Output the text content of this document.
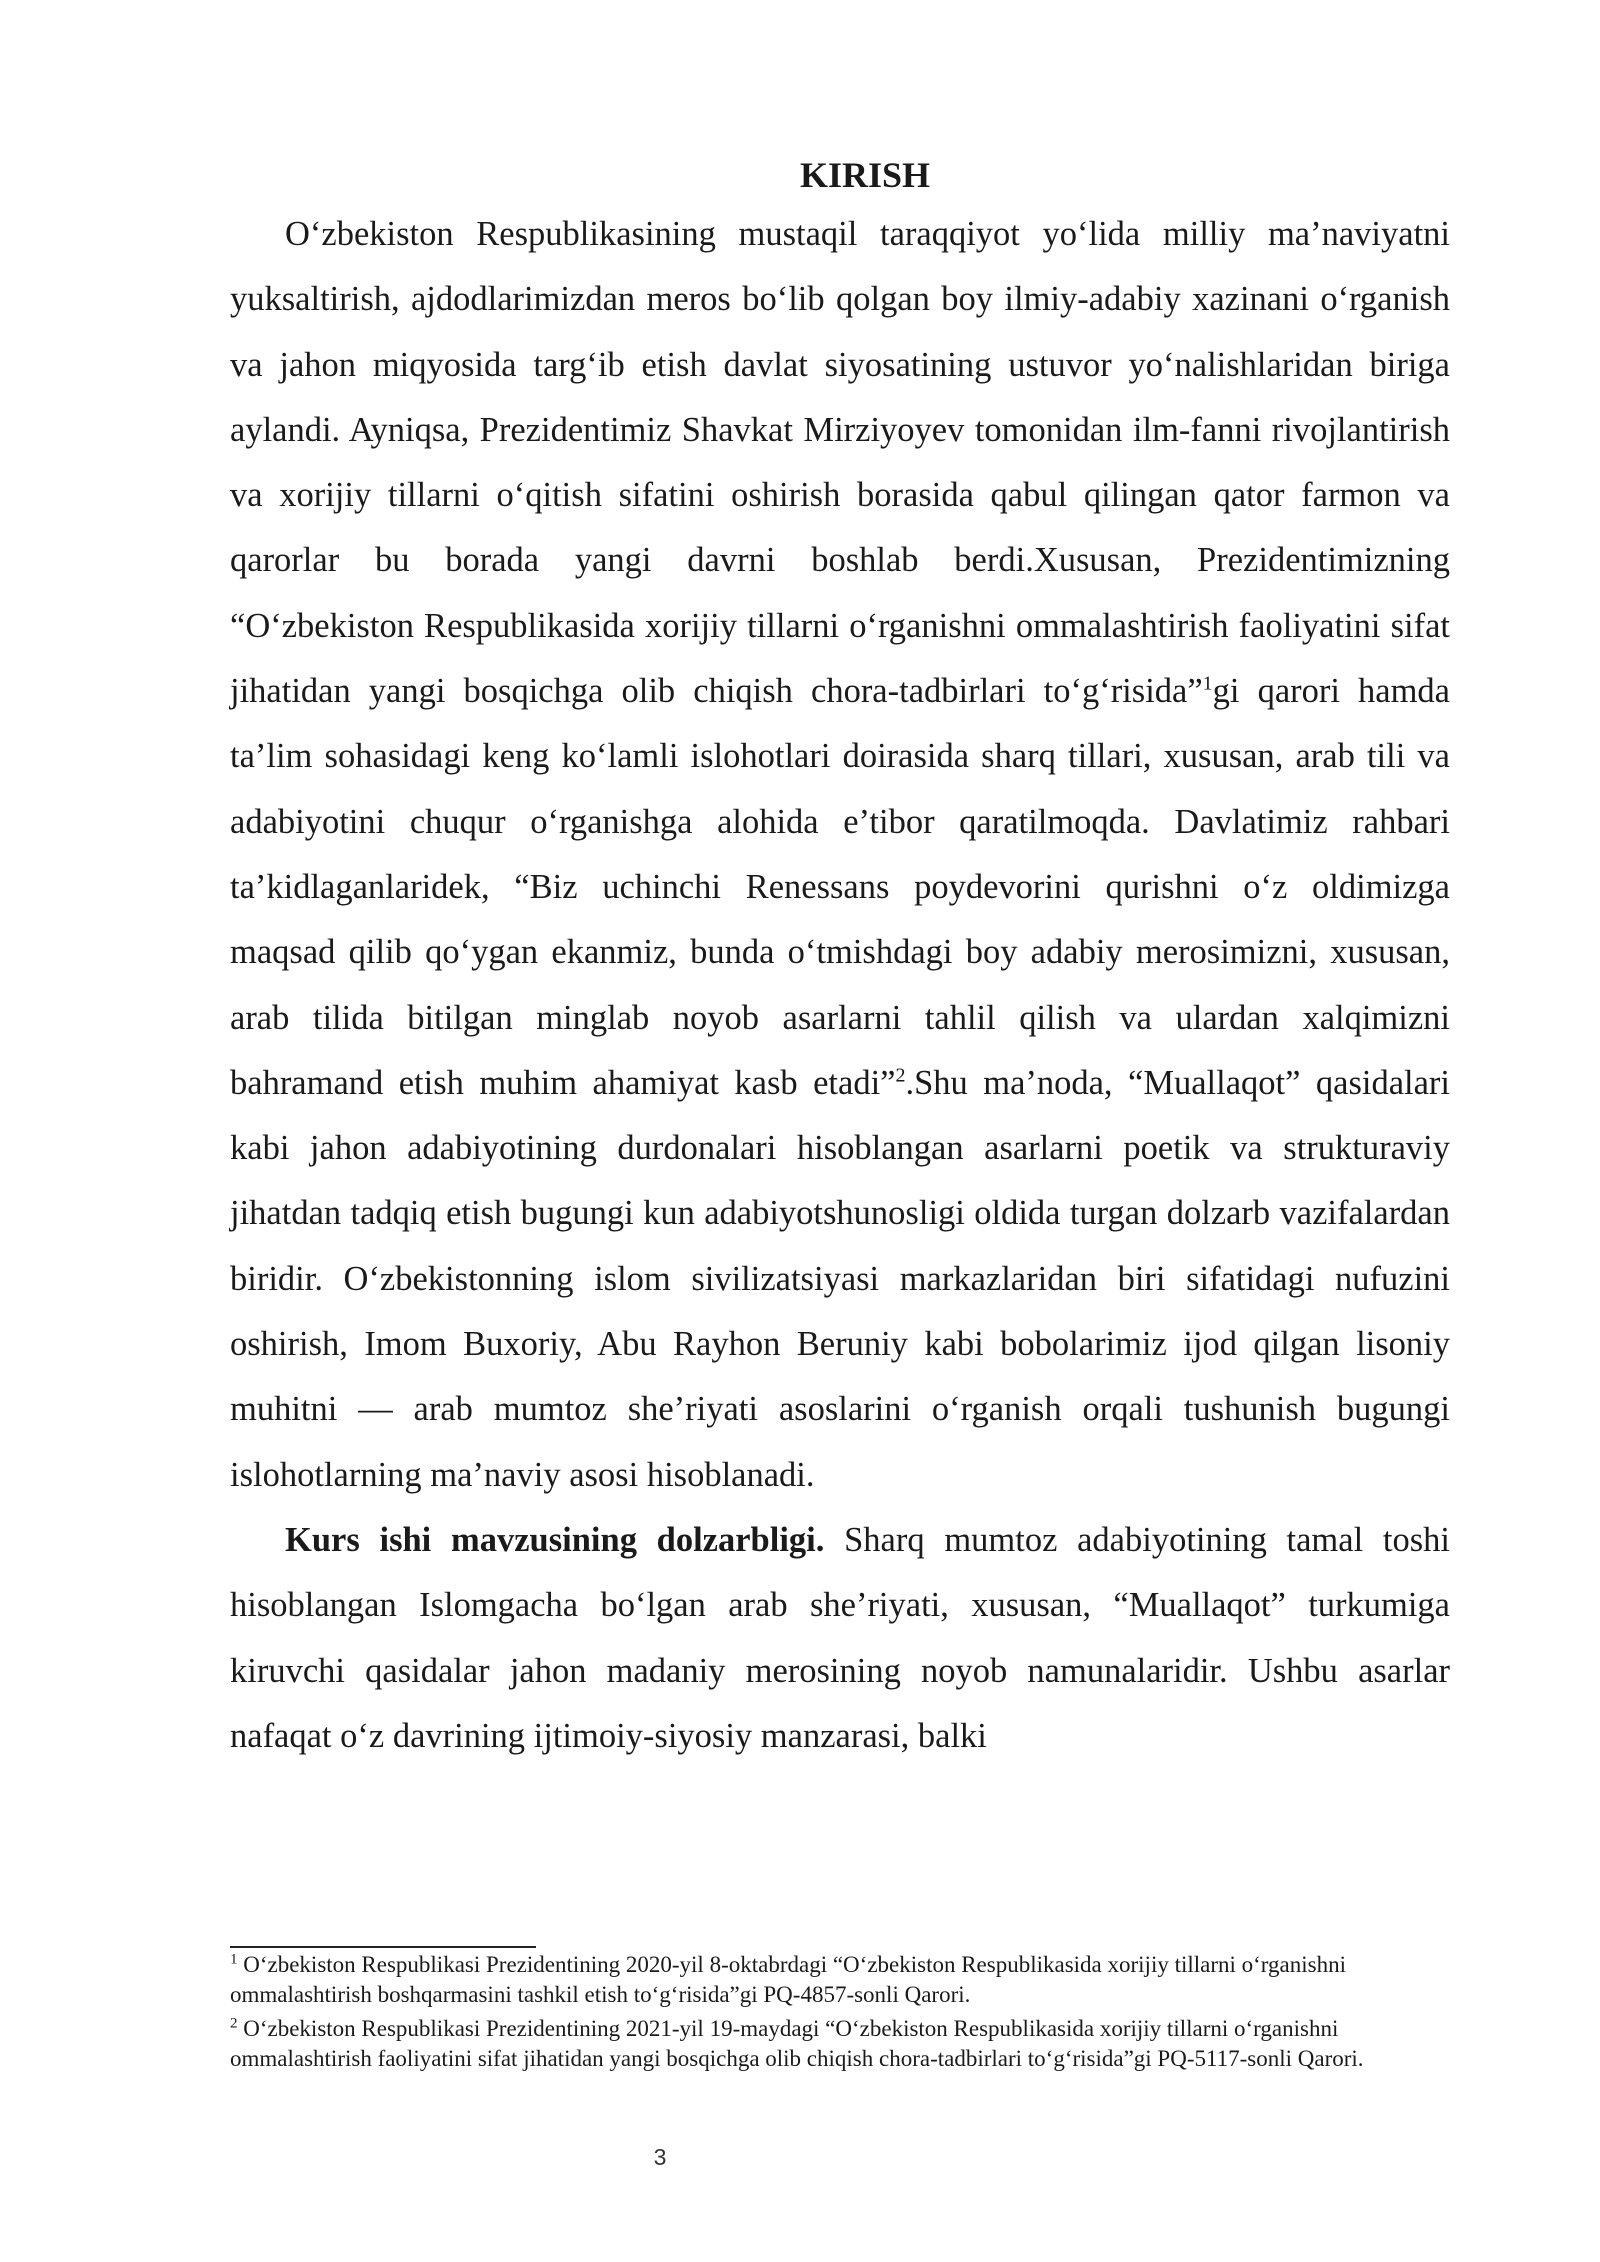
KIRISH

O‘zbekiston Respublikasining mustaqil taraqqiyot yo‘lida milliy ma’naviyatni yuksaltirish, ajdodlarimizdan meros bo‘lib qolgan boy ilmiy-adabiy xazinani o‘rganish va jahon miqyosida targ‘ib etish davlat siyosatining ustuvor yo‘nalishlaridan biriga aylandi. Ayniqsa, Prezidentimiz Shavkat Mirziyoyev tomonidan ilm-fanni rivojlantirish va xorijiy tillarni o‘qitish sifatini oshirish borasida qabul qilingan qator farmon va qarorlar bu borada yangi davrni boshlab berdi.Xususan, Prezidentimizning “O‘zbekiston Respublikasida xorijiy tillarni o‘rganishni ommalashtirish faoliyatini sifat jihatidan yangi bosqichga olib chiqish chora-tadbirlari to‘g‘risida”$^1$gi qarori hamda ta’lim sohasidagi keng ko‘lamli islohotlari doirasida sharq tillari, xususan, arab tili va adabiyotini chuqur o‘rganishga alohida e’tibor qaratilmoqda. Davlatimiz rahbari ta’kidlaganlaridek, “Biz uchinchi Renessans poydevorini qurishni o‘z oldimizga maqsad qilib qo‘ygan ekanmiz, bunda o‘tmishdagi boy adabiy merosimizni, xususan, arab tilida bitilgan minglab noyob asarlarni tahlil qilish va ulardan xalqimizni bahramand etish muhim ahamiyat kasb etadi”$^2$.Shu ma’noda, “Muallaqot” qasidalari kabi jahon adabiyotining durdonalari hisoblangan asarlarni poetik va strukturaviy jihatdan tadqiq etish bugungi kun adabiyotshunosligi oldida turgan dolzarb vazifalardan biridir. O‘zbekistonning islom sivilizatsiyasi markazlaridan biri sifatidagi nufuzini oshirish, Imom Buxoriy, Abu Rayhon Beruniy kabi bobolarimiz ijod qilgan lisoniy muhitni — arab mumtoz she’riyati asoslarini o‘rganish orqali tushunish bugungi islohotlarning ma’naviy asosi hisoblanadi.

Kurs ishi mavzusining dolzarbligi. Sharq mumtoz adabiyotining tamal toshi hisoblangan Islomgacha bo‘lgan arab she’riyati, xususan, “Muallaqot” turkumiga kiruvchi qasidalar jahon madaniy merosining noyob namunalaridir. Ushbu asarlar nafaqat o‘z davrining ijtimoiy-siyosiy manzarasi, balki

$^1$ O‘zbekiston Respublikasi Prezidentining 2020-yil 8-oktabrdagi “O‘zbekiston Respublikasida xorijiy tillarni o‘rganishni ommalashtirish boshqarmasini tashkil etish to‘g‘risida”gi PQ-4857-sonli Qarori.

$^2$ O‘zbekiston Respublikasi Prezidentining 2021-yil 19-maydagi “O‘zbekiston Respublikasida xorijiy tillarni o‘rganishni ommalashtirish faoliyatini sifat jihatidan yangi bosqichga olib chiqish chora-tadbirlari to‘g‘risida”gi PQ-5117-sonli Qarori.

3
